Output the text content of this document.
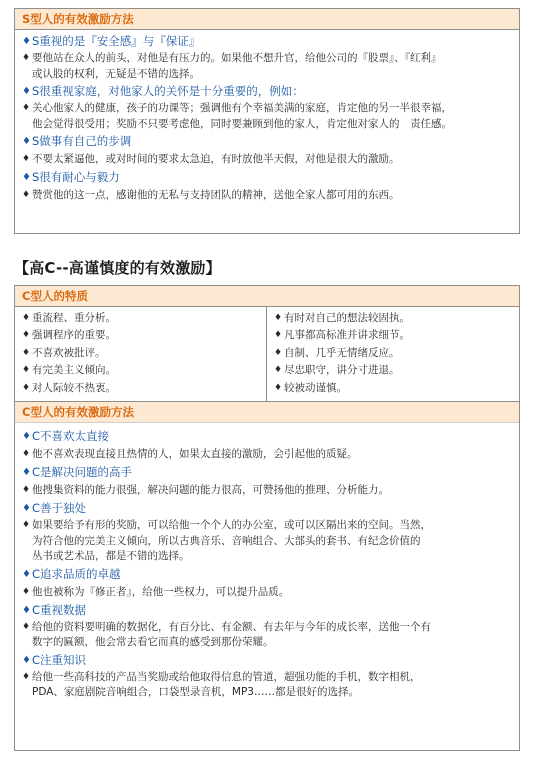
S型人的有效激励方法
♦ S重视的是『安全感』与『保证』
♦ 要他站在众人的前头，对他是有压力的。如果他不想升官，给他公司的『股票』、『红利』
或认股的权利，无疑是不错的选择。
♦ S很重视家庭，对他家人的关怀是十分重要的，例如：
♦ 关心他家人的健康，孩子的功课等；强调他有个幸福美满的家庭，肯定他的另一半很幸福，
他会觉得很受用；奖励不只要考虑他，同时要兼顾到他的家人，肯定他对家人的　责任感。
♦ S做事有自己的步调
♦ 不要太紧逼他，或对时间的要求太急迫，有时放他半天假，对他是很大的激励。
♦ S很有耐心与毅力
♦ 赞赏他的这一点，感谢他的无私与支持团队的精神，送他全家人都可用的东西。
【高C--高谨慎度的有效激励】
C型人的特质
♦ 重流程、重分析。
♦ 强调程序的重要。
♦ 不喜欢被批评。
♦ 有完美主义倾向。
♦ 对人际较不热衷。
♦ 有时对自己的想法较固执。
♦ 凡事都高标准并讲求细节。
♦ 自制、几乎无情绪反应。
♦ 尽忠职守，讲分寸进退。
♦ 较被动谨慎。
C型人的有效激励方法
♦ C不喜欢太直接
♦ 他不喜欢表现直接且热情的人，如果太直接的激励，会引起他的质疑。
♦ C是解决问题的高手
♦ 他搜集资料的能力很强，解决问题的能力很高，可赞扬他的推理、分析能力。
♦ C善于独处
♦ 如果要给予有形的奖励，可以给他一个个人的办公室，或可以区隔出来的空间。当然，
为符合他的完美主义倾向，所以古典音乐、音响组合、大部头的套书、有纪念价值的
丛书或艺术品，都是不错的选择。
♦ C追求品质的卓越
♦ 他也被称为『修正者』，给他一些权力，可以提升品质。
♦ C重视数据
♦ 给他的资料要明确的数据化，有百分比、有金额、有去年与今年的成长率，送他一个有
数字的匾额，他会常去看它而真的感受到那份荣耀。
♦ C注重知识
♦ 给他一些高科技的产品当奖励或给他取得信息的管道，超强功能的手机，数字相机，
PDA、家庭剧院音响组合，口袋型录音机，MP3……都是很好的选择。
